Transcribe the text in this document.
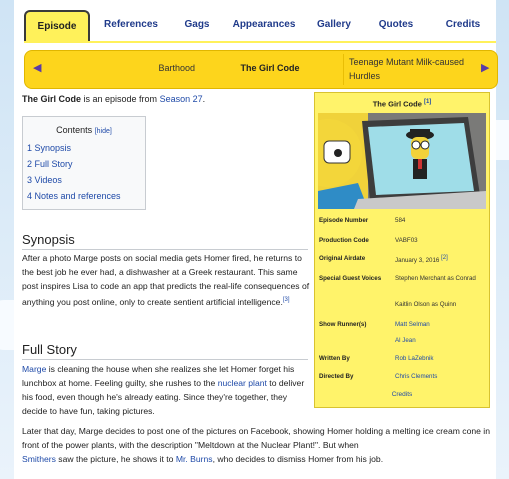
Episode	References	Gags	Appearances	Gallery	Quotes	Credits
◀	Barthood	The Girl Code
Teenage Mutant Milk-caused Hurdles
▶
The Girl Code is an episode from Season 27.
Contents [hide]
1 Synopsis
2 Full Story
3 Videos
4 Notes and references
Synopsis
After a photo Marge posts on social media gets Homer fired, he returns to the best job he ever had, a dishwasher at a Greek restaurant. This same post inspires Lisa to code an app that predicts the real-life consequences of anything you post online, only to create sentient artificial intelligence.[3]
Full Story
Marge is cleaning the house when she realizes she let Homer forget his lunchbox at home. Feeling guilty, she rushes to the nuclear plant to deliver his food, even though he's already eating. Since they're together, they decide to have fun, taking pictures.
Later that day, Marge decides to post one of the pictures on Facebook, showing Homer holding a melting ice cream cone in front of the power plants, with the description "Meltdown at the Nuclear Plant!". But when
Smithers saw the picture, he shows it to Mr. Burns, who decides to dismiss Homer from his job.
The Girl Code [1]
Episode Number	584
Production Code	VABF03
Original Airdate	January 3, 2016 [2]
Special Guest Voices	Stephen Merchant as Conrad
Kaitlin Olson as Quinn
Show Runner(s)	Matt Selman
Al Jean
Written By	Rob LaZebnik
Directed By	Chris Clements
Credits
